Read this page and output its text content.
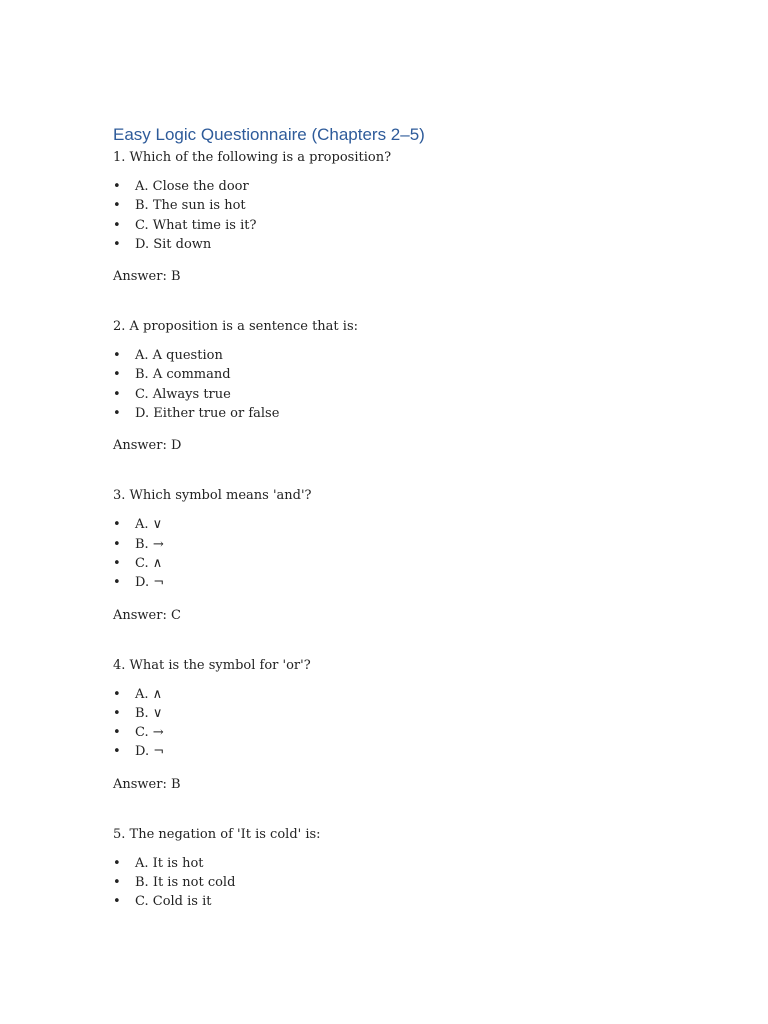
Easy Logic Questionnaire (Chapters 2–5)
1. Which of the following is a proposition?
• A. Close the door
• B. The sun is hot
• C. What time is it?
• D. Sit down
Answer: B
2. A proposition is a sentence that is:
• A. A question
• B. A command
• C. Always true
• D. Either true or false
Answer: D
3. Which symbol means 'and'?
• A. ∨
• B. →
• C. ∧
• D. ¬
Answer: C
4. What is the symbol for 'or'?
• A. ∧
• B. ∨
• C. →
• D. ¬
Answer: B
5. The negation of 'It is cold' is:
• A. It is hot
• B. It is not cold
• C. Cold is it
